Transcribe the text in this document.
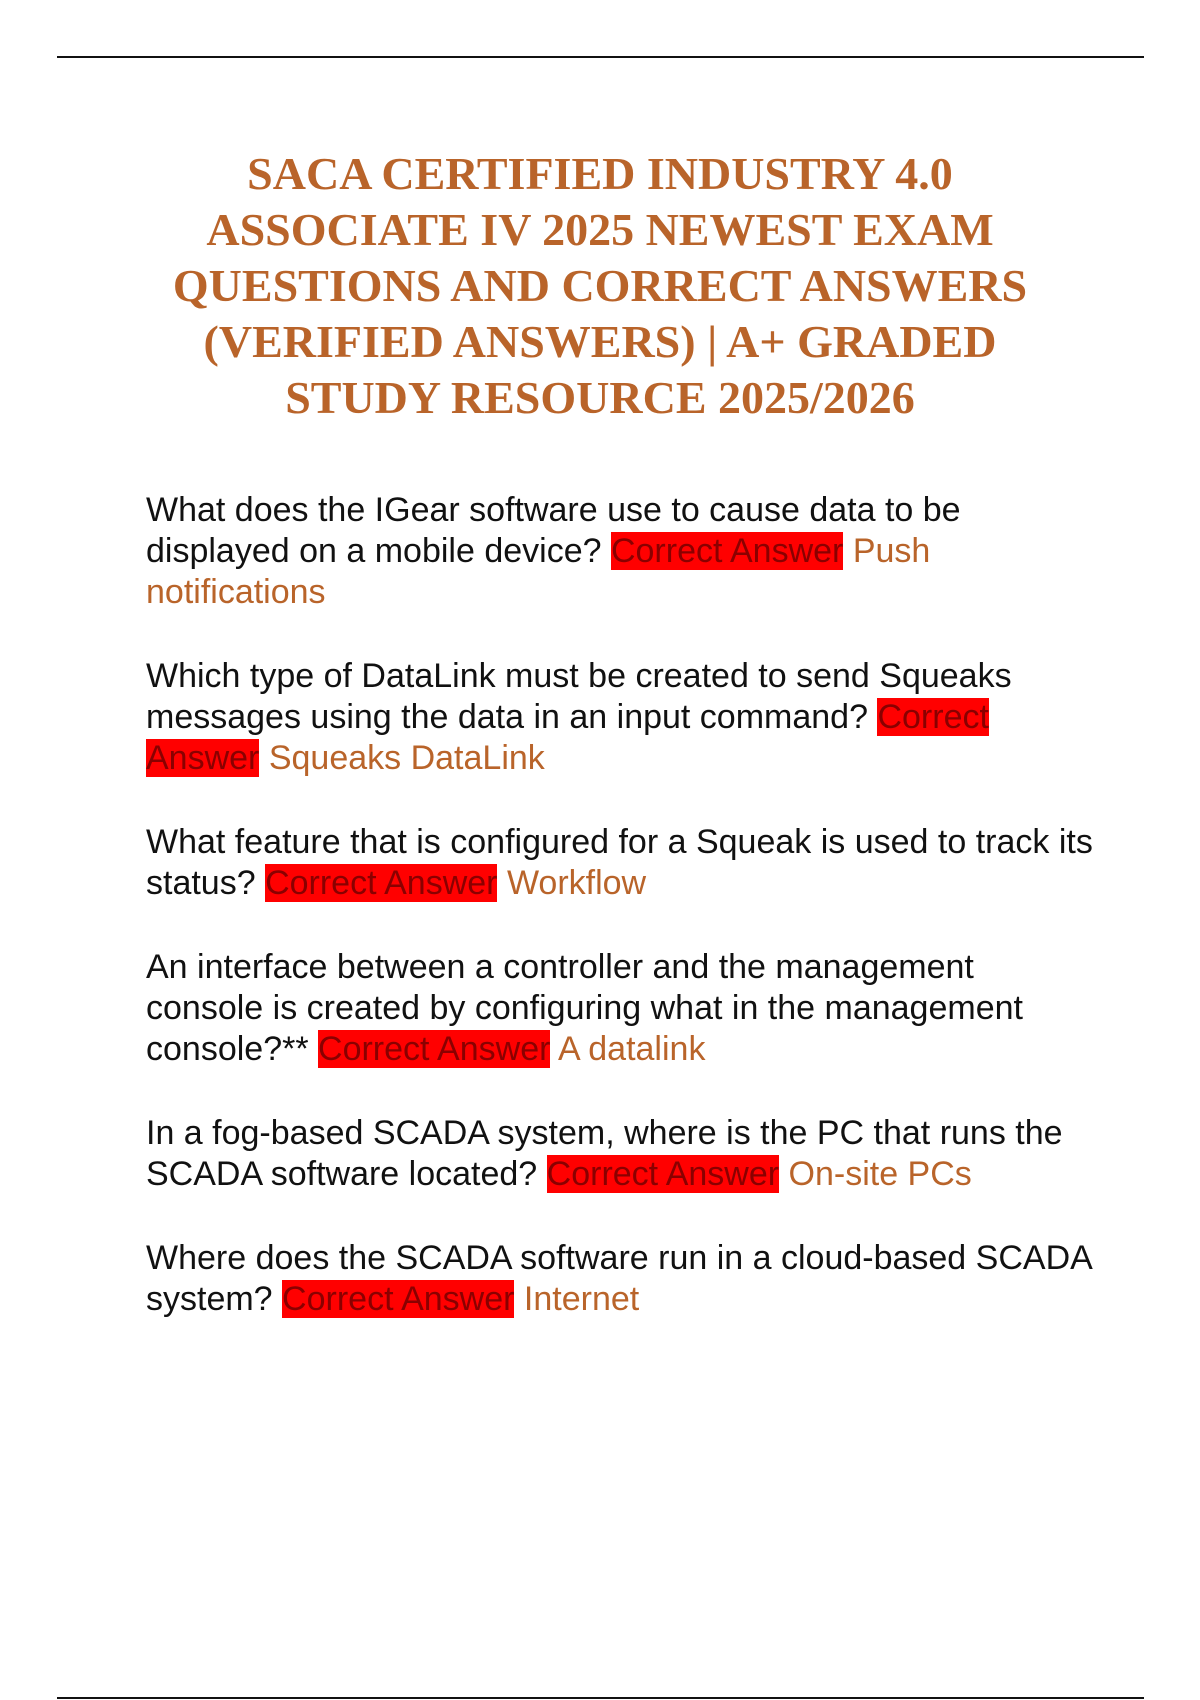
SACA CERTIFIED INDUSTRY 4.0
ASSOCIATE IV 2025 NEWEST EXAM
QUESTIONS AND CORRECT ANSWERS
(VERIFIED ANSWERS) | A+ GRADED
STUDY RESOURCE 2025/2026

What does the IGear software use to cause data to be displayed on a mobile device? Correct Answer Push notifications

Which type of DataLink must be created to send Squeaks messages using the data in an input command? Correct Answer Squeaks DataLink

What feature that is configured for a Squeak is used to track its status? Correct Answer Workflow

An interface between a controller and the management console is created by configuring what in the management console?** Correct Answer A datalink

In a fog-based SCADA system, where is the PC that runs the SCADA software located? Correct Answer On-site PCs

Where does the SCADA software run in a cloud-based SCADA system? Correct Answer Internet
